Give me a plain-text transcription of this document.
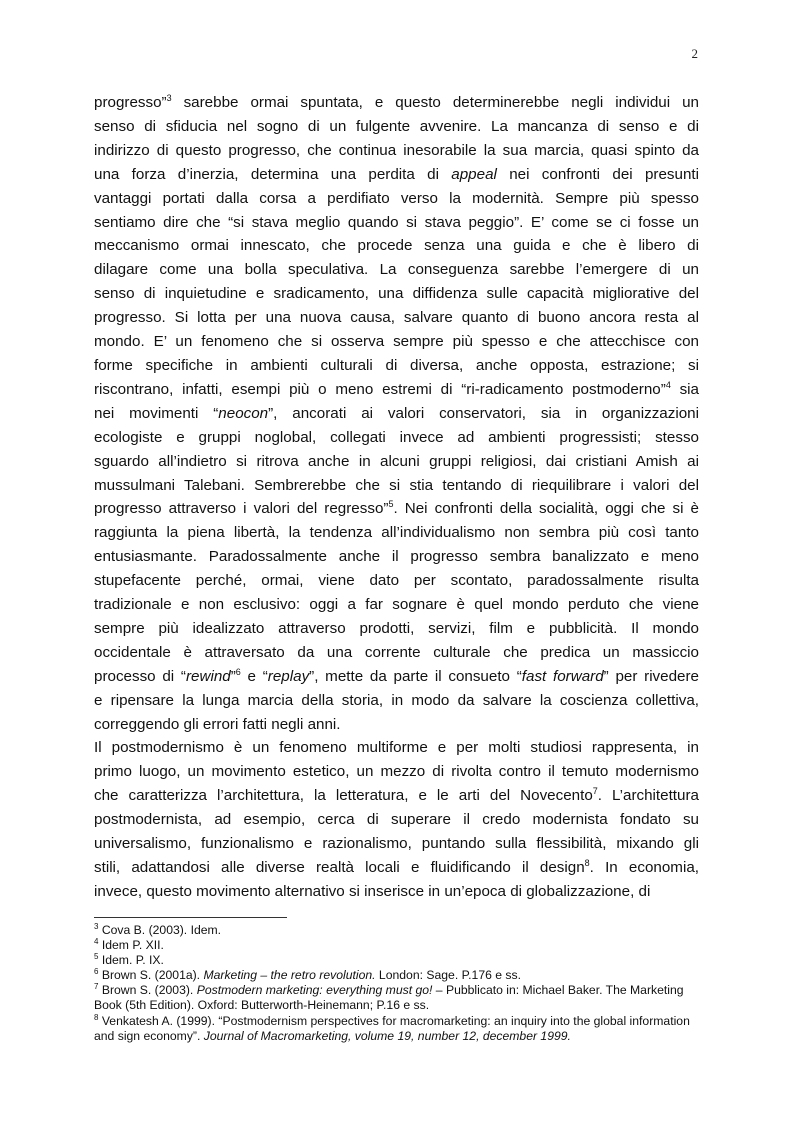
2

progresso”$^3$ sarebbe ormai spuntata, e questo determinerebbe negli individui un
senso di sfiducia nel sogno di un fulgente avvenire. La mancanza di senso e di
indirizzo di questo progresso, che continua inesorabile la sua marcia, quasi spinto da
una forza d’inerzia, determina una perdita di appeal nei confronti dei presunti
vantaggi portati dalla corsa a perdifiato verso la modernità. Sempre più spesso
sentiamo dire che “si stava meglio quando si stava peggio”. E’ come se ci fosse un
meccanismo ormai innescato, che procede senza una guida e che è libero di
dilagare come una bolla speculativa. La conseguenza sarebbe l’emergere di un
senso di inquietudine e sradicamento, una diffidenza sulle capacità migliorative del
progresso. Si lotta per una nuova causa, salvare quanto di buono ancora resta al
mondo. E’ un fenomeno che si osserva sempre più spesso e che attecchisce con
forme specifiche in ambienti culturali di diversa, anche opposta, estrazione; si
riscontrano, infatti, esempi più o meno estremi di “ri-radicamento postmoderno”$^4$ sia
nei movimenti “neocon”, ancorati ai valori conservatori, sia in organizzazioni
ecologiste e gruppi noglobal, collegati invece ad ambienti progressisti; stesso
sguardo all’indietro si ritrova anche in alcuni gruppi religiosi, dai cristiani Amish ai
mussulmani Talebani. Sembrerebbe che si stia tentando di riequilibrare i valori del
progresso attraverso i valori del regresso”$^5$. Nei confronti della socialità, oggi che si è
raggiunta la piena libertà, la tendenza all’individualismo non sembra più così tanto
entusiasmante. Paradossalmente anche il progresso sembra banalizzato e meno
stupefacente perché, ormai, viene dato per scontato, paradossalmente risulta
tradizionale e non esclusivo: oggi a far sognare è quel mondo perduto che viene
sempre più idealizzato attraverso prodotti, servizi, film e pubblicità. Il mondo
occidentale è attraversato da una corrente culturale che predica un massiccio
processo di “rewind”$^6$ e “replay”, mette da parte il consueto “fast forward” per rivedere
e ripensare la lunga marcia della storia, in modo da salvare la coscienza collettiva,
correggendo gli errori fatti negli anni.

Il postmodernismo è un fenomeno multiforme e per molti studiosi rappresenta, in
primo luogo, un movimento estetico, un mezzo di rivolta contro il temuto modernismo
che caratterizza l’architettura, la letteratura, e le arti del Novecento$^7$. L’architettura
postmodernista, ad esempio, cerca di superare il credo modernista fondato su
universalismo, funzionalismo e razionalismo, puntando sulla flessibilità, mixando gli
stili, adattandosi alle diverse realtà locali e fluidificando il design$^8$. In economia,
invece, questo movimento alternativo si inserisce in un’epoca di globalizzazione, di

$^3$ Cova B. (2003). Idem.

$^4$ Idem P. XII.

$^5$ Idem. P. IX.

$^6$ Brown S. (2001a). Marketing – the retro revolution. London: Sage. P.176 e ss.

$^7$ Brown S. (2003). Postmodern marketing: everything must go! – Pubblicato in: Michael Baker. The Marketing Book (5th Edition). Oxford: Butterworth-Heinemann; P.16 e ss.

$^8$ Venkatesh A. (1999). “Postmodernism perspectives for macromarketing: an inquiry into the global information and sign economy”. Journal of Macromarketing, volume 19, number 12, december 1999.
